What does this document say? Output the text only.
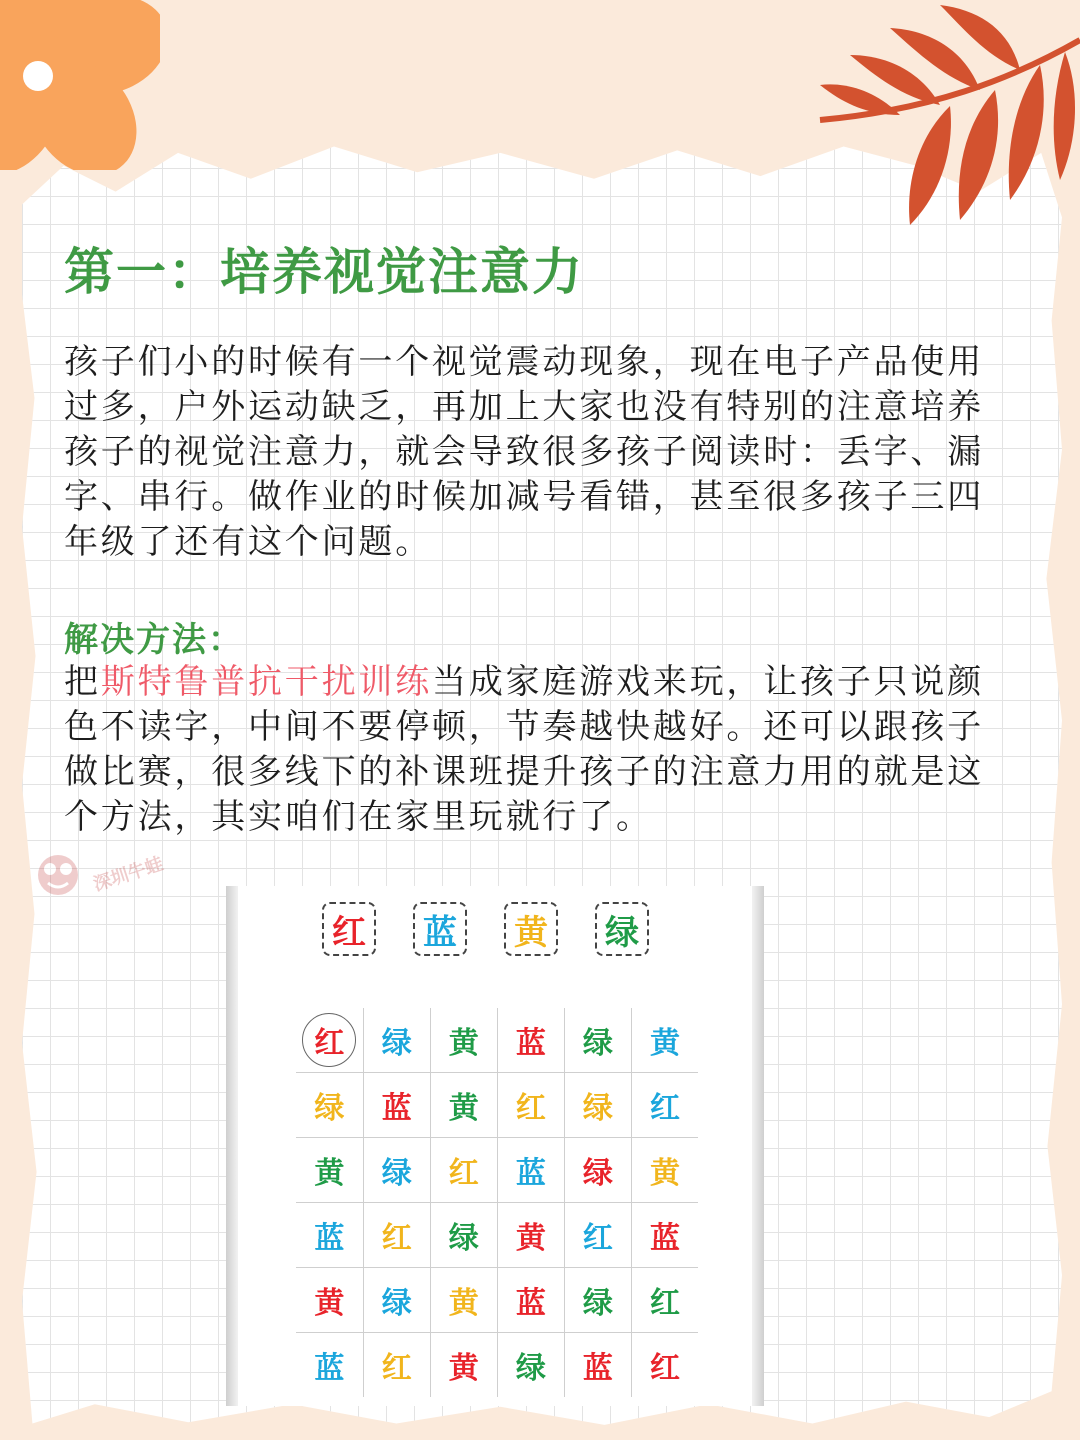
第一：培养视觉注意力

孩子们小的时候有一个视觉震动现象，现在电子产品使用过多，户外运动缺乏，再加上大家也没有特别的注意培养孩子的视觉注意力，就会导致很多孩子阅读时：丢字、漏字、串行。做作业的时候加减号看错，甚至很多孩子三四年级了还有这个问题。

解决方法：

把斯特鲁普抗干扰训练当成家庭游戏来玩，让孩子只说颜色不读字，中间不要停顿，节奏越快越好。还可以跟孩子做比赛，很多线下的补课班提升孩子的注意力用的就是这个方法，其实咱们在家里玩就行了。

深圳牛蛙
红 蓝 黄 绿
红	绿	黄	蓝	绿	黄
绿	蓝	黄	红	绿	红
黄	绿	红	蓝	绿	黄
蓝	红	绿	黄	红	蓝
黄	绿	黄	蓝	绿	红
蓝	红	黄	绿	蓝	红
